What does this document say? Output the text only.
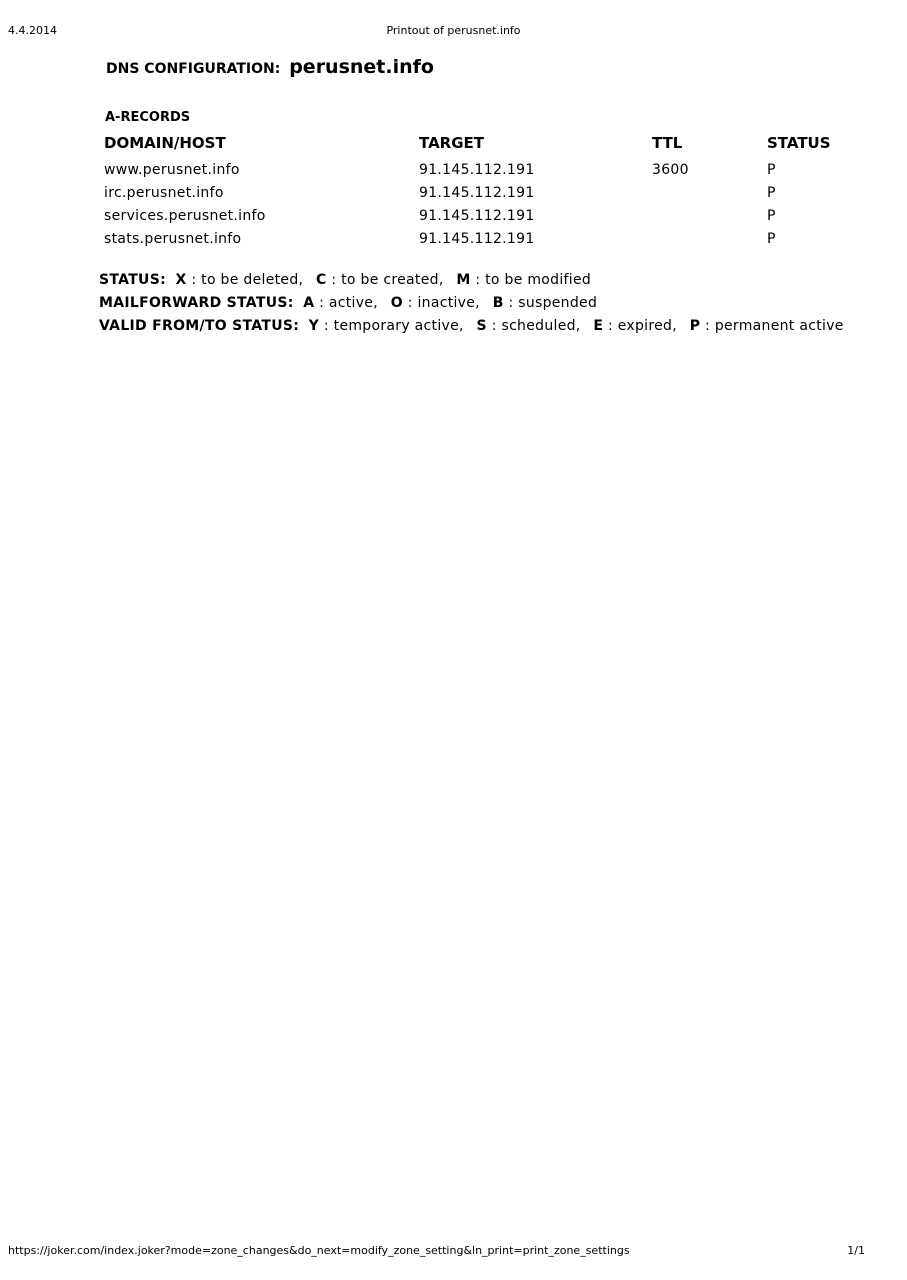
4.4.2014	Printout of perusnet.info
DNS CONFIGURATION: perusnet.info
A-RECORDS
DOMAIN/HOST	TARGET	TTL	STATUS
www.perusnet.info	91.145.112.191	3600	P
irc.perusnet.info	91.145.112.191		P
services.perusnet.info	91.145.112.191		P
stats.perusnet.info	91.145.112.191		P
STATUS: X : to be deleted, C : to be created, M : to be modified
MAILFORWARD STATUS: A : active, O : inactive, B : suspended
VALID FROM/TO STATUS: Y : temporary active, S : scheduled, E : expired, P : permanent active
https://joker.com/index.joker?mode=zone_changes&do_next=modify_zone_setting&ln_print=print_zone_settings	1/1
